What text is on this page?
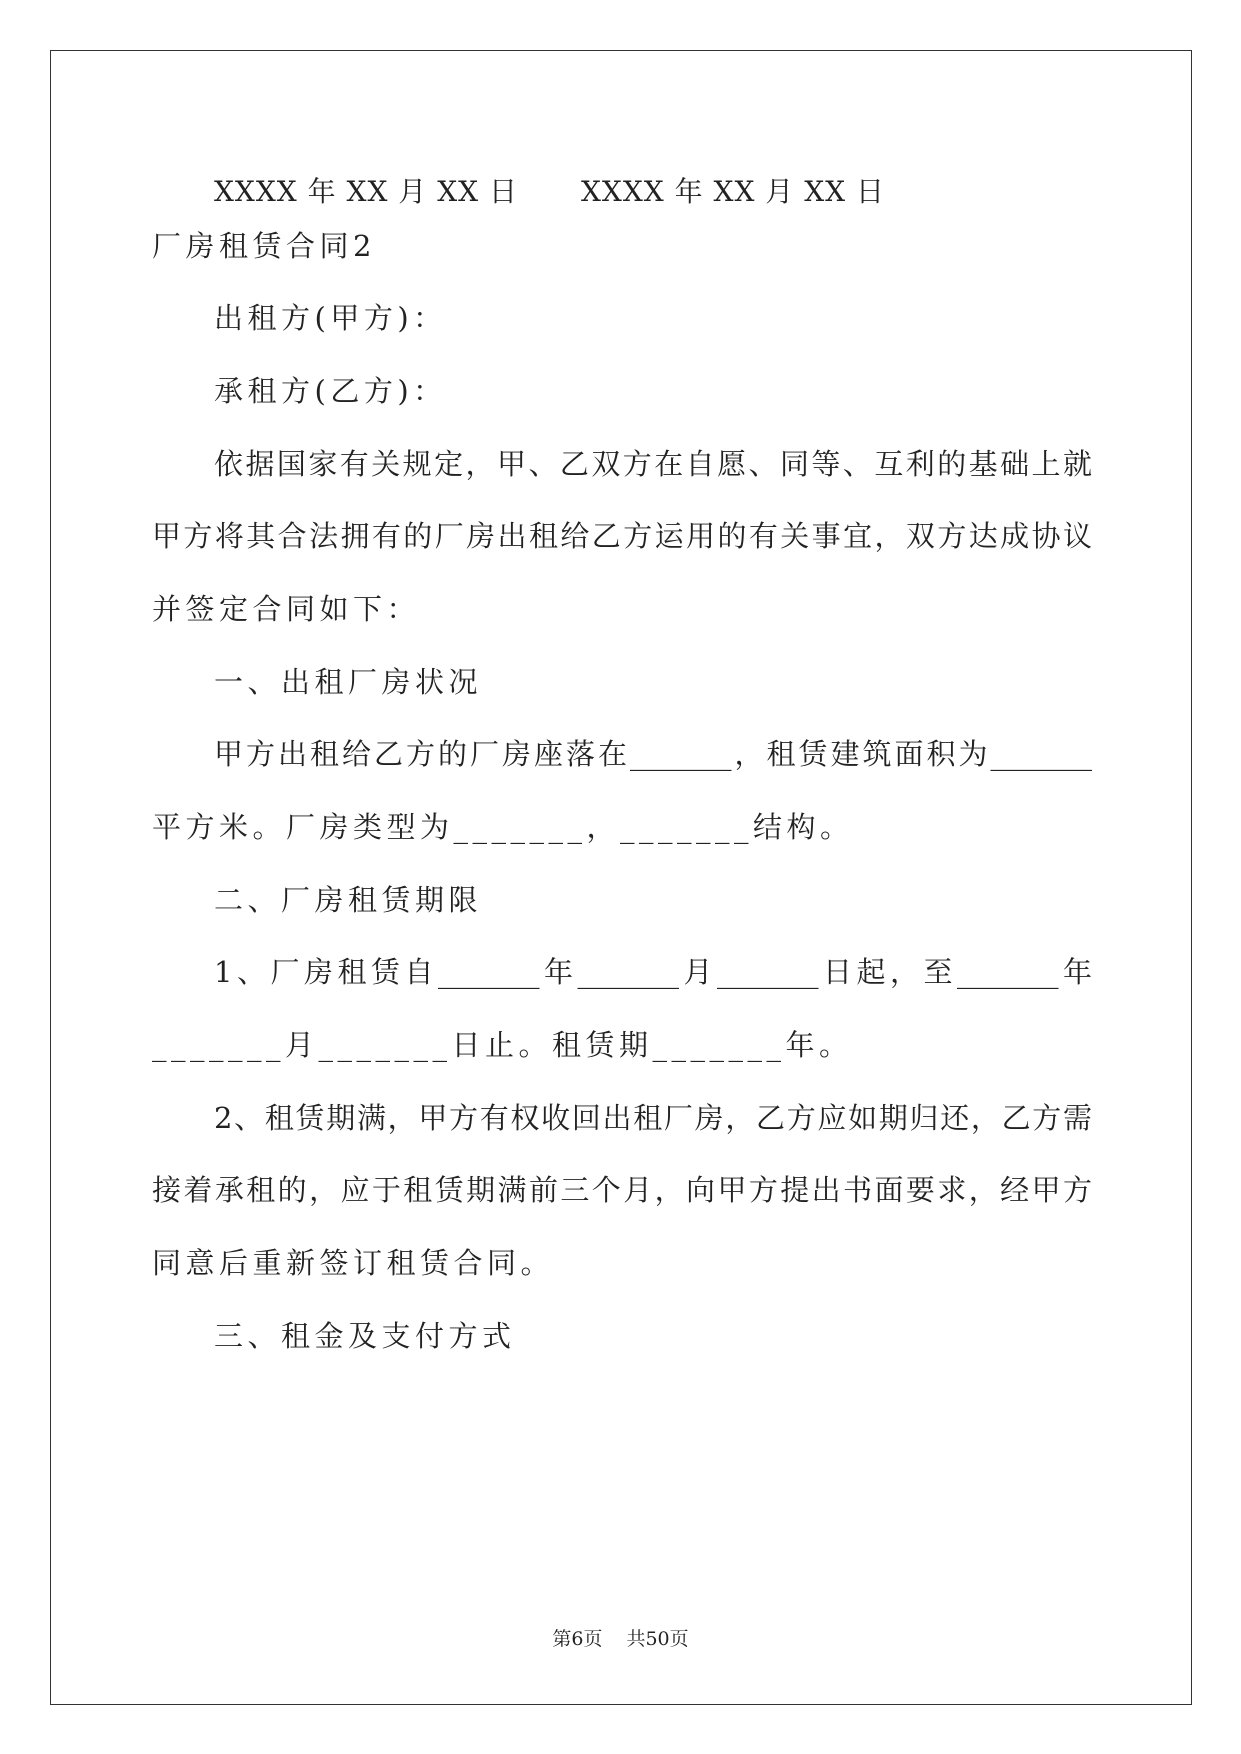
XXXX 年 XX 月 XX 日 XXXX 年 XX 月 XX 日
厂房租赁合同2
出租方(甲方)：
承租方(乙方)：
依据国家有关规定，甲、乙双方在自愿、同等、互利的基础上就
甲方将其合法拥有的厂房出租给乙方运用的有关事宜，双方达成协议
并签定合同如下：
一、出租厂房状况
甲方出租给乙方的厂房座落在_______，租赁建筑面积为_______
平方米。厂房类型为_______，_______结构。
二、厂房租赁期限
1、厂房租赁自_______年_______月_______日起，至_______年
_______月_______日止。租赁期_______年。
2、租赁期满，甲方有权收回出租厂房，乙方应如期归还，乙方需
接着承租的，应于租赁期满前三个月，向甲方提出书面要求，经甲方
同意后重新签订租赁合同。
三、租金及支付方式
第6页 共50页
